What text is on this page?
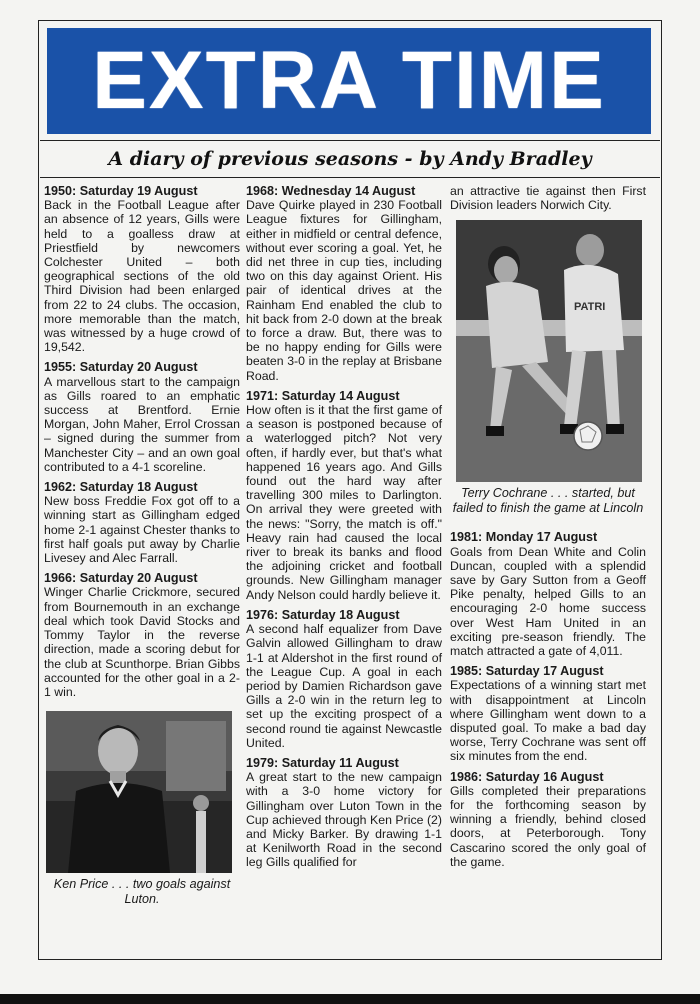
EXTRA TIME
A diary of previous seasons - by Andy Bradley
1950: Saturday 19 August

Back in the Football League after an absence of 12 years, Gills were held to a goalless draw at Priestfield by newcomers Colchester United – both geographical sections of the old Third Division had been enlarged from 22 to 24 clubs. The occasion, more memorable than the match, was witnessed by a huge crowd of 19,542.

1955: Saturday 20 August

A marvellous start to the campaign as Gills roared to an emphatic success at Brentford. Ernie Morgan, John Maher, Errol Crossan – signed during the summer from Manchester City – and an own goal contributed to a 4-1 scoreline.

1962: Saturday 18 August

New boss Freddie Fox got off to a winning start as Gillingham edged home 2-1 against Chester thanks to first half goals put away by Charlie Livesey and Alec Farrall.

1966: Saturday 20 August

Winger Charlie Crickmore, secured from Bournemouth in an exchange deal which took David Stocks and Tommy Taylor in the reverse direction, made a scoring debut for the club at Scunthorpe. Brian Gibbs accounted for the other goal in a 2-1 win.

Ken Price . . . two goals against Luton.
1968: Wednesday 14 August

Dave Quirke played in 230 Football League fixtures for Gillingham, either in midfield or central defence, without ever scoring a goal. Yet, he did net three in cup ties, including two on this day against Orient. His pair of identical drives at the Rainham End enabled the club to hit back from 2-0 down at the break to force a draw. But, there was to be no happy ending for Gills were beaten 3-0 in the replay at Brisbane Road.

1971: Saturday 14 August

How often is it that the first game of a season is postponed because of a waterlogged pitch? Not very often, if hardly ever, but that's what happened 16 years ago. And Gills found out the hard way after travelling 300 miles to Darlington. On arrival they were greeted with the news: "Sorry, the match is off." Heavy rain had caused the local river to break its banks and flood the adjoining cricket and football grounds. New Gillingham manager Andy Nelson could hardly believe it.

1976: Saturday 18 August

A second half equalizer from Dave Galvin allowed Gillingham to draw 1-1 at Aldershot in the first round of the League Cup. A goal in each period by Damien Richardson gave Gills a 2-0 win in the return leg to set up the exciting prospect of a second round tie against Newcastle United.

1979: Saturday 11 August

A great start to the new campaign with a 3-0 home victory for Gillingham over Luton Town in the Cup achieved through Ken Price (2) and Micky Barker. By drawing 1-1 at Kenilworth Road in the second leg Gills qualified for

an attractive tie against then First Division leaders Norwich City.

PATRI
Terry Cochrane . . . started, but failed to finish the game at Lincoln
1981: Monday 17 August

Goals from Dean White and Colin Duncan, coupled with a splendid save by Gary Sutton from a Geoff Pike penalty, helped Gills to an encouraging 2-0 home success over West Ham United in an exciting pre-season friendly. The match attracted a gate of 4,011.

1985: Saturday 17 August

Expectations of a winning start met with disappointment at Lincoln where Gillingham went down to a disputed goal. To make a bad day worse, Terry Cochrane was sent off six minutes from the end.

1986: Saturday 16 August

Gills completed their preparations for the forthcoming season by winning a friendly, behind closed doors, at Peterborough. Tony Cascarino scored the only goal of the game.
